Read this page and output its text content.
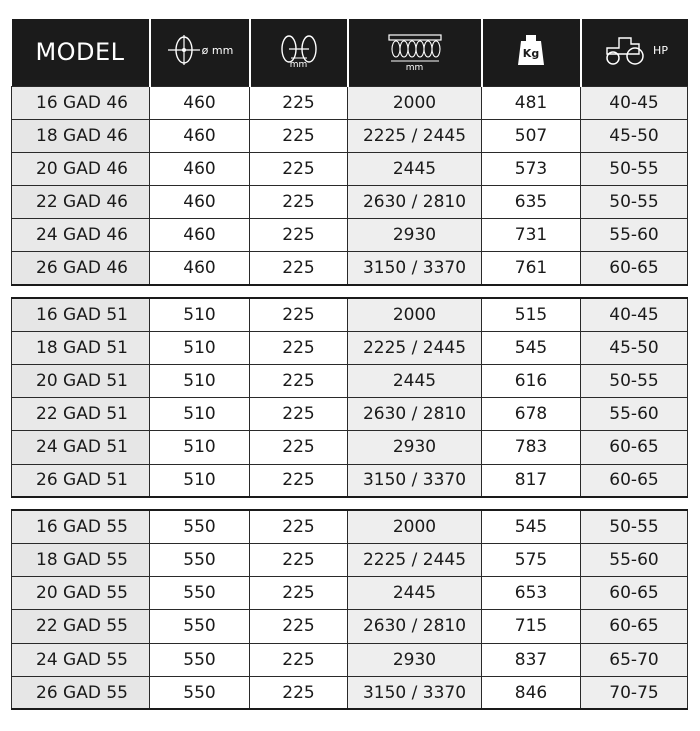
MODEL	ø mm	mm	mm	Kg	HP

16 GAD 46	460	225	2000	481	40-45
18 GAD 46	460	225	2225 / 2445	507	45-50
20 GAD 46	460	225	2445	573	50-55
22 GAD 46	460	225	2630 / 2810	635	50-55
24 GAD 46	460	225	2930	731	55-60
26 GAD 46	460	225	3150 / 3370	761	60-65

16 GAD 51	510	225	2000	515	40-45
18 GAD 51	510	225	2225 / 2445	545	45-50
20 GAD 51	510	225	2445	616	50-55
22 GAD 51	510	225	2630 / 2810	678	55-60
24 GAD 51	510	225	2930	783	60-65
26 GAD 51	510	225	3150 / 3370	817	60-65

16 GAD 55	550	225	2000	545	50-55
18 GAD 55	550	225	2225 / 2445	575	55-60
20 GAD 55	550	225	2445	653	60-65
22 GAD 55	550	225	2630 / 2810	715	60-65
24 GAD 55	550	225	2930	837	65-70
26 GAD 55	550	225	3150 / 3370	846	70-75
